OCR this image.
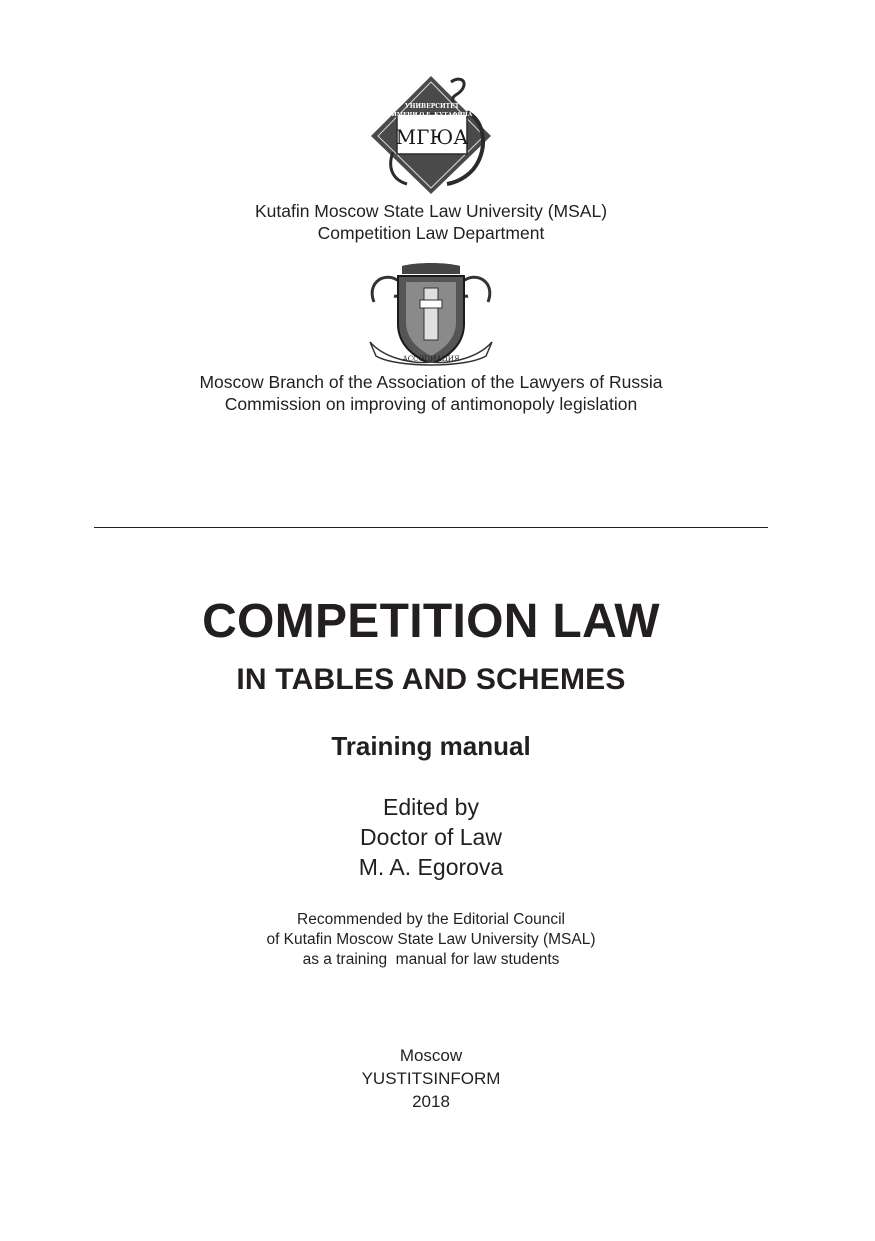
УНИВЕРСИТЕТ
ИМЕНИ О.Е. КУТАФИНА
МГЮА
Kutafin Moscow State Law University (MSAL)
Competition Law Department
АССОЦИАЦИЯ
Moscow Branch of the Association of the Lawyers of Russia
Commission on improving of antimonopoly legislation
COMPETITION LAW
IN TABLES AND SCHEMES
Training manual
Edited by
Doctor of Law
M. A. Egorova
Recommended by the Editorial Council
of Kutafin Moscow State Law University (MSAL)
as a training  manual for law students
Moscow
YUSTITSINFORM
2018
